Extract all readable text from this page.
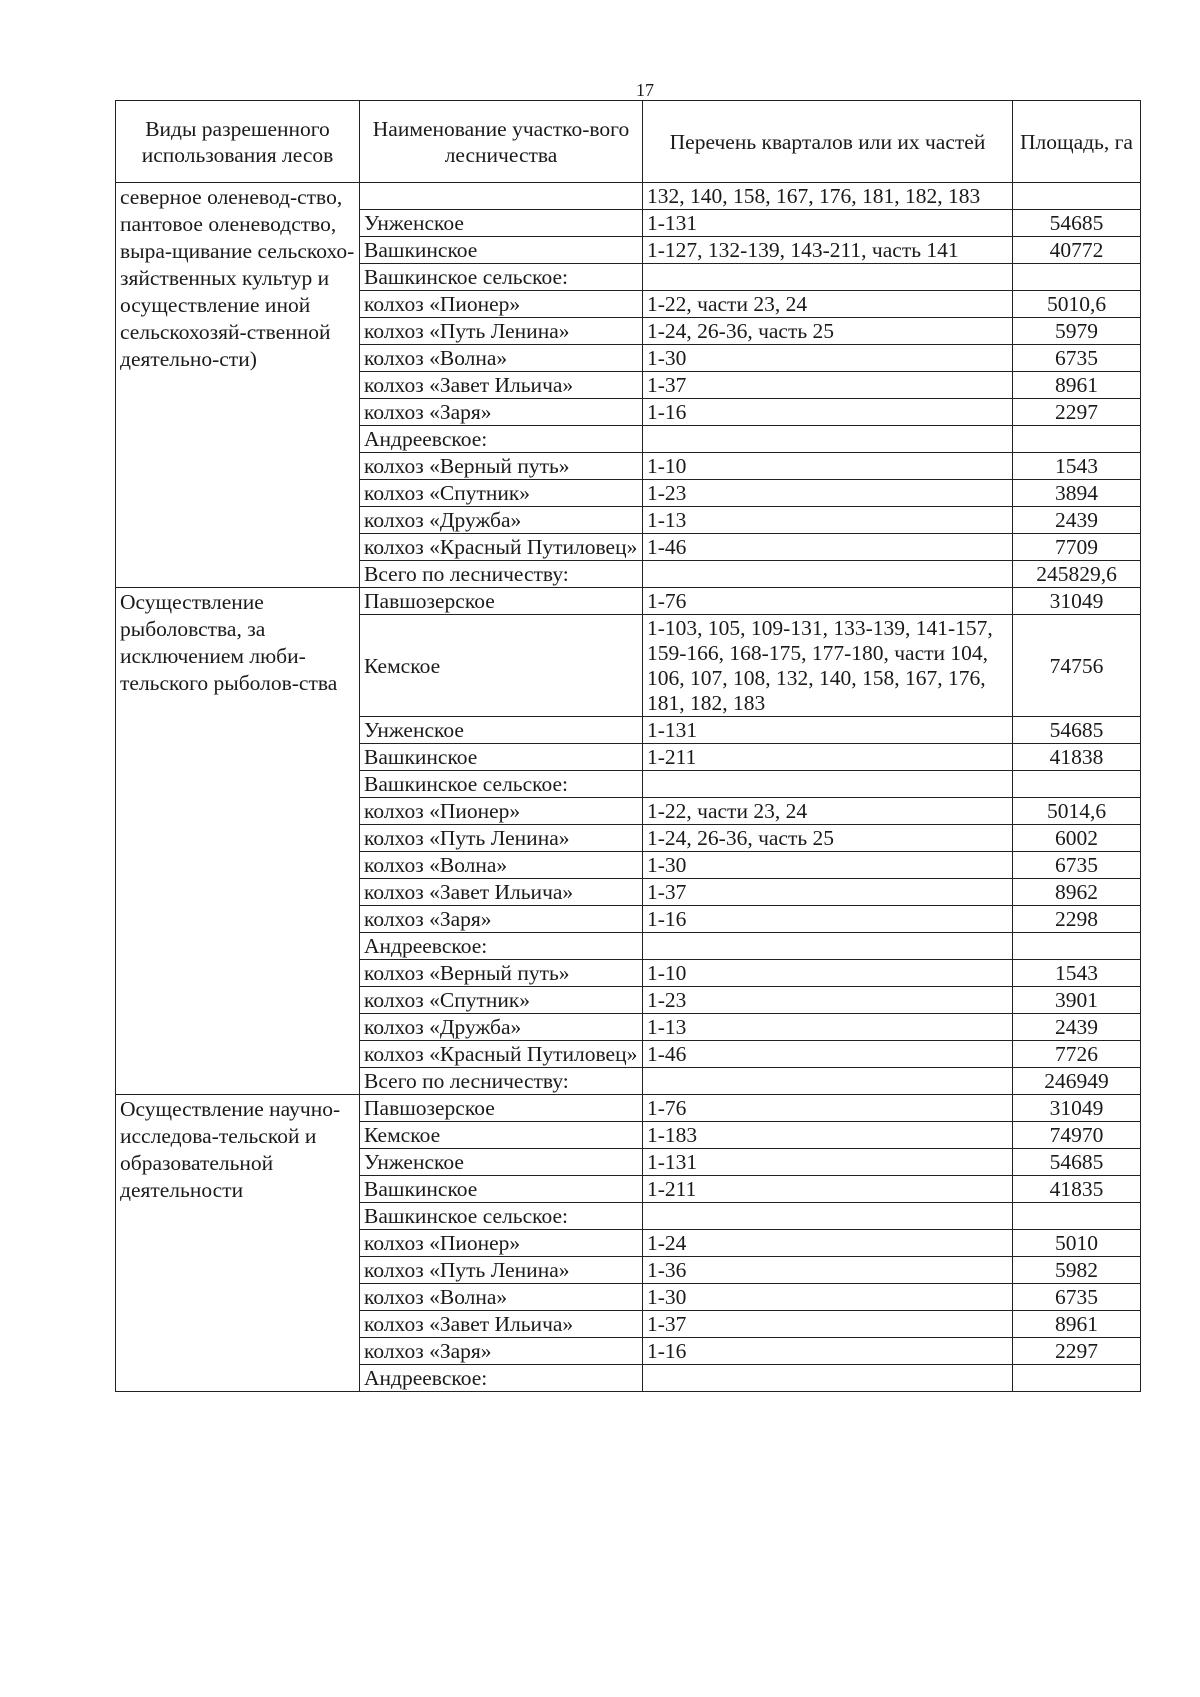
17
Виды разрешенного использования лесов	Наименование участко-вого лесничества	Перечень кварталов или их частей	Площадь, га
северное оленевод-ство, пантовое оленеводство, выра-щивание сельскохо-зяйственных культур и осуществление иной сельскохозяй-ственной деятельно-сти)		132, 140, 158, 167, 176, 181, 182, 183	
	Унженское	1-131	54685
	Вашкинское	1-127, 132-139, 143-211, часть 141	40772
	Вашкинское сельское:		
	колхоз «Пионер»	1-22, части 23, 24	5010,6
	колхоз «Путь Ленина»	1-24, 26-36, часть 25	5979
	колхоз «Волна»	1-30	6735
	колхоз «Завет Ильича»	1-37	8961
	колхоз «Заря»	1-16	2297
	Андреевское:		
	колхоз «Верный путь»	1-10	1543
	колхоз «Спутник»	1-23	3894
	колхоз «Дружба»	1-13	2439
	колхоз «Красный Путиловец»	1-46	7709
	Всего по лесничеству:		245829,6
Осуществление рыболовства, за исключением люби-тельского рыболов-ства	Павшозерское	1-76	31049
	Кемское	1-103, 105, 109-131, 133-139, 141-157, 159-166, 168-175, 177-180, части 104, 106, 107, 108, 132, 140, 158, 167, 176, 181, 182, 183	74756
	Унженское	1-131	54685
	Вашкинское	1-211	41838
	Вашкинское сельское:		
	колхоз «Пионер»	1-22, части 23, 24	5014,6
	колхоз «Путь Ленина»	1-24, 26-36, часть 25	6002
	колхоз «Волна»	1-30	6735
	колхоз «Завет Ильича»	1-37	8962
	колхоз «Заря»	1-16	2298
	Андреевское:		
	колхоз «Верный путь»	1-10	1543
	колхоз «Спутник»	1-23	3901
	колхоз «Дружба»	1-13	2439
	колхоз «Красный Путиловец»	1-46	7726
	Всего по лесничеству:		246949
Осуществление научно-исследова-тельской и образовательной деятельности	Павшозерское	1-76	31049
	Кемское	1-183	74970
	Унженское	1-131	54685
	Вашкинское	1-211	41835
	Вашкинское сельское:		
	колхоз «Пионер»	1-24	5010
	колхоз «Путь Ленина»	1-36	5982
	колхоз «Волна»	1-30	6735
	колхоз «Завет Ильича»	1-37	8961
	колхоз «Заря»	1-16	2297
	Андреевское:		
